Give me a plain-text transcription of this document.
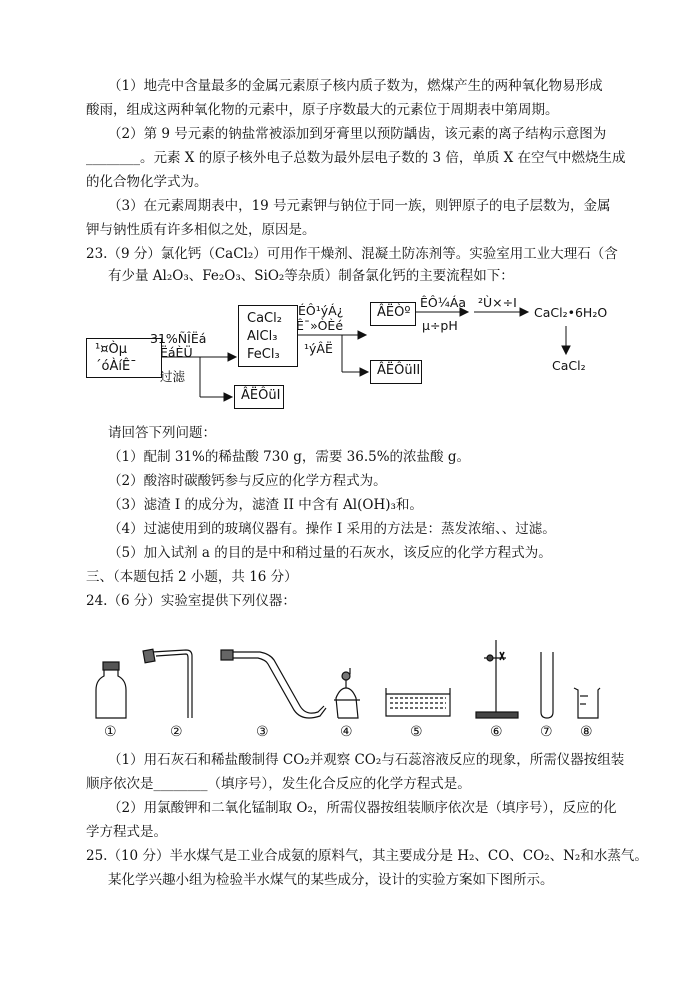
（1）地壳中含量最多的金属元素原子核内质子数为，燃煤产生的两种氧化物易形成
酸雨，组成这两种氧化物的元素中，原子序数最大的元素位于周期表中第周期。
（2）第 9 号元素的钠盐常被添加到牙膏里以预防龋齿，该元素的离子结构示意图为
________。元素 X 的原子核外电子总数为最外层电子数的 3 倍，单质 X 在空气中燃烧生成
的化合物化学式为。
（3）在元素周期表中，19 号元素钾与钠位于同一族，则钾原子的电子层数为，金属
钾与钠性质有许多相似之处，原因是。
23.（9 分）氯化钙（CaCl₂）可用作干燥剂、混凝土防冻剂等。实验室用工业大理石（含
有少量 Al₂O₃、Fe₂O₃、SiO₂等杂质）制备氯化钙的主要流程如下：
¹¤Òµ
´óÀíÊ¯
31%ÑÎËá
ËáÈÜ
过滤
CaCl₂
AlCl₃
FeCl₃
ÂËÔüI
ÉÔ¹ýÁ¿
Ê¯»ÒÈé
¹ýÂË
ÂËÒº
ÂËÔüII
ÊÔ¼Áa
µ÷pH
²Ù×÷I
CaCl₂•6H₂O
CaCl₂
请回答下列问题：
（1）配制 31%的稀盐酸 730 g，需要 36.5%的浓盐酸 g。
（2）酸溶时碳酸钙参与反应的化学方程式为。
（3）滤渣 I 的成分为，滤渣 II 中含有 Al(OH)₃和。
（4）过滤使用到的玻璃仪器有。操作 I 采用的方法是：蒸发浓缩、、过滤。
（5）加入试剂 a 的目的是中和稍过量的石灰水，该反应的化学方程式为。
三、（本题包括 2 小题，共 16 分）
24.（6 分）实验室提供下列仪器：
①	②	③	④	⑤	⑥	⑦ ⑧
（1）用石灰石和稀盐酸制得 CO₂并观察 CO₂与石蕊溶液反应的现象，所需仪器按组装
顺序依次是________（填序号），发生化合反应的化学方程式是。
（2）用氯酸钾和二氧化锰制取 O₂，所需仪器按组装顺序依次是（填序号），反应的化
学方程式是。
25.（10 分）半水煤气是工业合成氨的原料气，其主要成分是 H₂、CO、CO₂、N₂和水蒸气。
某化学兴趣小组为检验半水煤气的某些成分，设计的实验方案如下图所示。
